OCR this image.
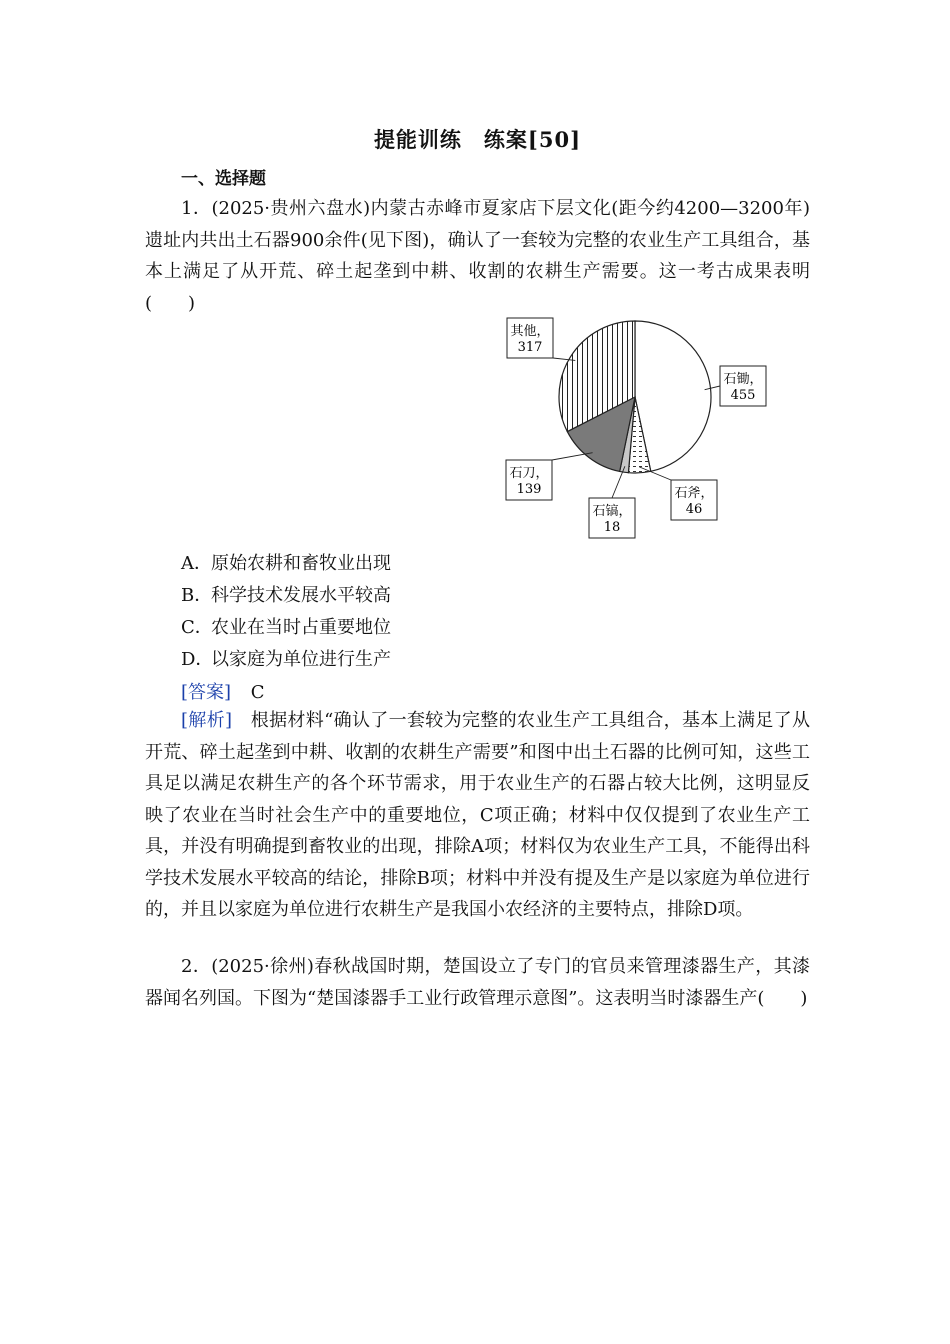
提能训练　练案[50]
一、选择题
1．(2025·贵州六盘水)内蒙古赤峰市夏家店下层文化(距今约4200—3200年)遗址内共出土石器900余件(见下图)，确认了一套较为完整的农业生产工具组合，基本上满足了从开荒、碎土起垄到中耕、收割的农耕生产需要。这一考古成果表明(　　)
石锄，
455
石斧，
46
石镐，
18
石刀，
139
其他，
317
A．原始农耕和畜牧业出现
B．科学技术发展水平较高
C．农业在当时占重要地位
D．以家庭为单位进行生产
[答案] C
[解析]　 根据材料“确认了一套较为完整的农业生产工具组合，基本上满足了从开荒、碎土起垄到中耕、收割的农耕生产需要”和图中出土石器的比例可知，这些工具足以满足农耕生产的各个环节需求，用于农业生产的石器占较大比例，这明显反映了农业在当时社会生产中的重要地位，C项正确；材料中仅仅提到了农业生产工具，并没有明确提到畜牧业的出现，排除A项；材料仅为农业生产工具，不能得出科学技术发展水平较高的结论，排除B项；材料中并没有提及生产是以家庭为单位进行的，并且以家庭为单位进行农耕生产是我国小农经济的主要特点，排除D项。
2．(2025·徐州)春秋战国时期，楚国设立了专门的官员来管理漆器生产，其漆器闻名列国。下图为“楚国漆器手工业行政管理示意图”。这表明当时漆器生产(　　)
